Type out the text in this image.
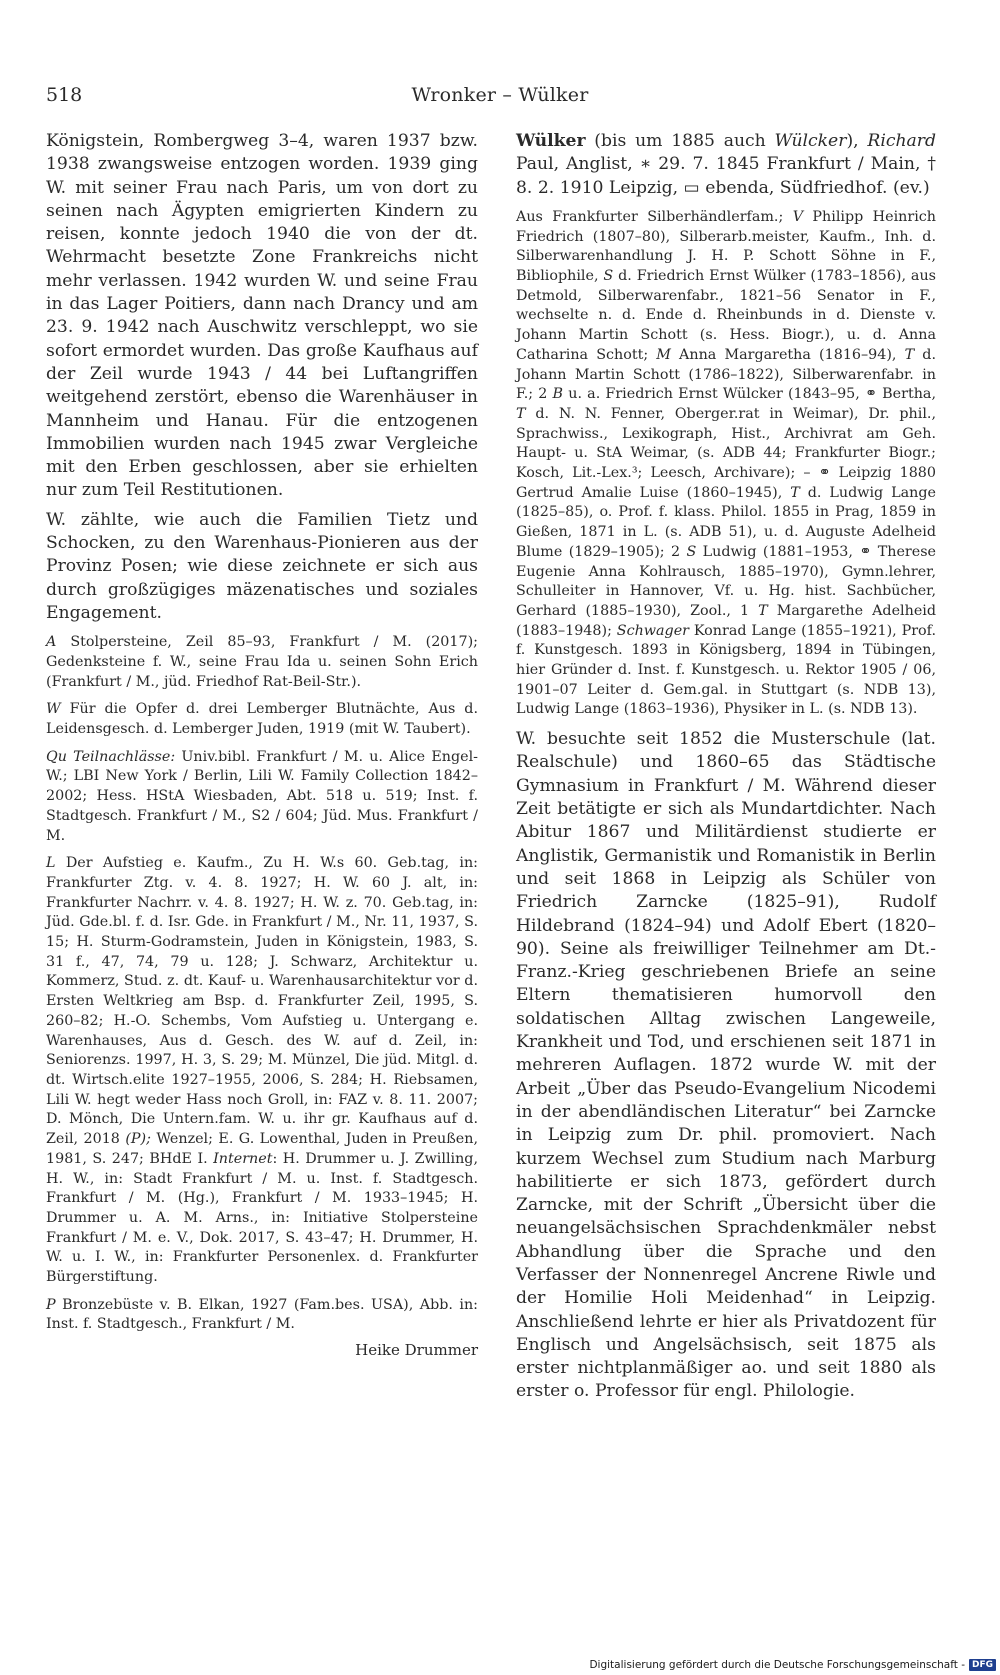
518	Wronker – Wülker

Königstein, Rombergweg 3–4, waren 1937 bzw. 1938 zwangsweise entzogen worden. 1939 ging W. mit seiner Frau nach Paris, um von dort zu seinen nach Ägypten emigrierten Kindern zu reisen, konnte jedoch 1940 die von der dt. Wehrmacht besetzte Zone Frankreichs nicht mehr verlassen. 1942 wurden W. und seine Frau in das Lager Poitiers, dann nach Drancy und am 23. 9. 1942 nach Auschwitz verschleppt, wo sie sofort ermordet wurden. Das große Kaufhaus auf der Zeil wurde 1943 / 44 bei Luftangriffen weitgehend zerstört, ebenso die Warenhäuser in Mannheim und Hanau. Für die entzogenen Immobilien wurden nach 1945 zwar Vergleiche mit den Erben geschlossen, aber sie erhielten nur zum Teil Restitutionen.

W. zählte, wie auch die Familien Tietz und Schocken, zu den Warenhaus-Pionieren aus der Provinz Posen; wie diese zeichnete er sich aus durch großzügiges mäzenatisches und soziales Engagement.

A Stolpersteine, Zeil 85–93, Frankfurt / M. (2017); Gedenksteine f. W., seine Frau Ida u. seinen Sohn Erich (Frankfurt / M., jüd. Friedhof Rat-Beil-Str.).

W Für die Opfer d. drei Lemberger Blutnächte, Aus d. Leidensgesch. d. Lemberger Juden, 1919 (mit W. Taubert).

Qu Teilnachlässe: Univ.bibl. Frankfurt / M. u. Alice Engel-W.; LBI New York / Berlin, Lili W. Family Collection 1842–2002; Hess. HStA Wiesbaden, Abt. 518 u. 519; Inst. f. Stadtgesch. Frankfurt / M., S2 / 604; Jüd. Mus. Frankfurt / M.

L Der Aufstieg e. Kaufm., Zu H. W.s 60. Geb.tag, in: Frankfurter Ztg. v. 4. 8. 1927; H. W. 60 J. alt, in: Frankfurter Nachrr. v. 4. 8. 1927; H. W. z. 70. Geb.tag, in: Jüd. Gde.bl. f. d. Isr. Gde. in Frankfurt / M., Nr. 11, 1937, S. 15; H. Sturm-Godramstein, Juden in Königstein, 1983, S. 31 f., 47, 74, 79 u. 128; J. Schwarz, Architektur u. Kommerz, Stud. z. dt. Kauf- u. Warenhausarchitektur vor d. Ersten Weltkrieg am Bsp. d. Frankfurter Zeil, 1995, S. 260–82; H.-O. Schembs, Vom Aufstieg u. Untergang e. Warenhauses, Aus d. Gesch. des W. auf d. Zeil, in: Seniorenzs. 1997, H. 3, S. 29; M. Münzel, Die jüd. Mitgl. d. dt. Wirtsch.elite 1927–1955, 2006, S. 284; H. Riebsamen, Lili W. hegt weder Hass noch Groll, in: FAZ v. 8. 11. 2007; D. Mönch, Die Untern.fam. W. u. ihr gr. Kaufhaus auf d. Zeil, 2018 (P); Wenzel; E. G. Lowenthal, Juden in Preußen, 1981, S. 247; BHdE I. Internet: H. Drummer u. J. Zwilling, H. W., in: Stadt Frankfurt / M. u. Inst. f. Stadtgesch. Frankfurt / M. (Hg.), Frankfurt / M. 1933–1945; H. Drummer u. A. M. Arns., in: Initiative Stolpersteine Frankfurt / M. e. V., Dok. 2017, S. 43–47; H. Drummer, H. W. u. I. W., in: Frankfurter Personenlex. d. Frankfurter Bürgerstiftung.

P Bronzebüste v. B. Elkan, 1927 (Fam.bes. USA), Abb. in: Inst. f. Stadtgesch., Frankfurt / M.

Heike Drummer

Wülker (bis um 1885 auch Wülcker), Richard Paul, Anglist, ∗ 29. 7. 1845 Frankfurt / Main, † 8. 2. 1910 Leipzig, ▭ ebenda, Südfriedhof. (ev.)

Aus Frankfurter Silberhändlerfam.; V Philipp Heinrich Friedrich (1807–80), Silberarb.meister, Kaufm., Inh. d. Silberwarenhandlung J. H. P. Schott Söhne in F., Bibliophile, S d. Friedrich Ernst Wülker (1783–1856), aus Detmold, Silberwarenfabr., 1821–56 Senator in F., wechselte n. d. Ende d. Rheinbunds in d. Dienste v. Johann Martin Schott (s. Hess. Biogr.), u. d. Anna Catharina Schott; M Anna Margaretha (1816–94), T d. Johann Martin Schott (1786–1822), Silberwarenfabr. in F.; 2 B u. a. Friedrich Ernst Wülcker (1843–95, ⚭ Bertha, T d. N. N. Fenner, Oberger.rat in Weimar), Dr. phil., Sprachwiss., Lexikograph, Hist., Archivrat am Geh. Haupt- u. StA Weimar, (s. ADB 44; Frankfurter Biogr.; Kosch, Lit.-Lex.³; Leesch, Archivare); – ⚭ Leipzig 1880 Gertrud Amalie Luise (1860–1945), T d. Ludwig Lange (1825–85), o. Prof. f. klass. Philol. 1855 in Prag, 1859 in Gießen, 1871 in L. (s. ADB 51), u. d. Auguste Adelheid Blume (1829–1905); 2 S Ludwig (1881–1953, ⚭ Therese Eugenie Anna Kohlrausch, 1885–1970), Gymn.lehrer, Schulleiter in Hannover, Vf. u. Hg. hist. Sachbücher, Gerhard (1885–1930), Zool., 1 T Margarethe Adelheid (1883–1948); Schwager Konrad Lange (1855–1921), Prof. f. Kunstgesch. 1893 in Königsberg, 1894 in Tübingen, hier Gründer d. Inst. f. Kunstgesch. u. Rektor 1905 / 06, 1901–07 Leiter d. Gem.gal. in Stuttgart (s. NDB 13), Ludwig Lange (1863–1936), Physiker in L. (s. NDB 13).

W. besuchte seit 1852 die Musterschule (lat. Realschule) und 1860–65 das Städtische Gymnasium in Frankfurt / M. Während dieser Zeit betätigte er sich als Mundartdichter. Nach Abitur 1867 und Militärdienst studierte er Anglistik, Germanistik und Romanistik in Berlin und seit 1868 in Leipzig als Schüler von Friedrich Zarncke (1825–91), Rudolf Hildebrand (1824–94) und Adolf Ebert (1820–90). Seine als freiwilliger Teilnehmer am Dt.-Franz.-Krieg geschriebenen Briefe an seine Eltern thematisieren humorvoll den soldatischen Alltag zwischen Langeweile, Krankheit und Tod, und erschienen seit 1871 in mehreren Auflagen. 1872 wurde W. mit der Arbeit „Über das Pseudo-Evangelium Nicodemi in der abendländischen Literatur“ bei Zarncke in Leipzig zum Dr. phil. promoviert. Nach kurzem Wechsel zum Studium nach Marburg habilitierte er sich 1873, gefördert durch Zarncke, mit der Schrift „Übersicht über die neuangelsächsischen Sprachdenkmäler nebst Abhandlung über die Sprache und den Verfasser der Nonnenregel Ancrene Riwle und der Homilie Holi Meidenhad“ in Leipzig. Anschließend lehrte er hier als Privatdozent für Englisch und Angelsächsisch, seit 1875 als erster nichtplanmäßiger ao. und seit 1880 als erster o. Professor für engl. Philologie.

Digitalisierung gefördert durch die Deutsche Forschungsgemeinschaft - DFG
